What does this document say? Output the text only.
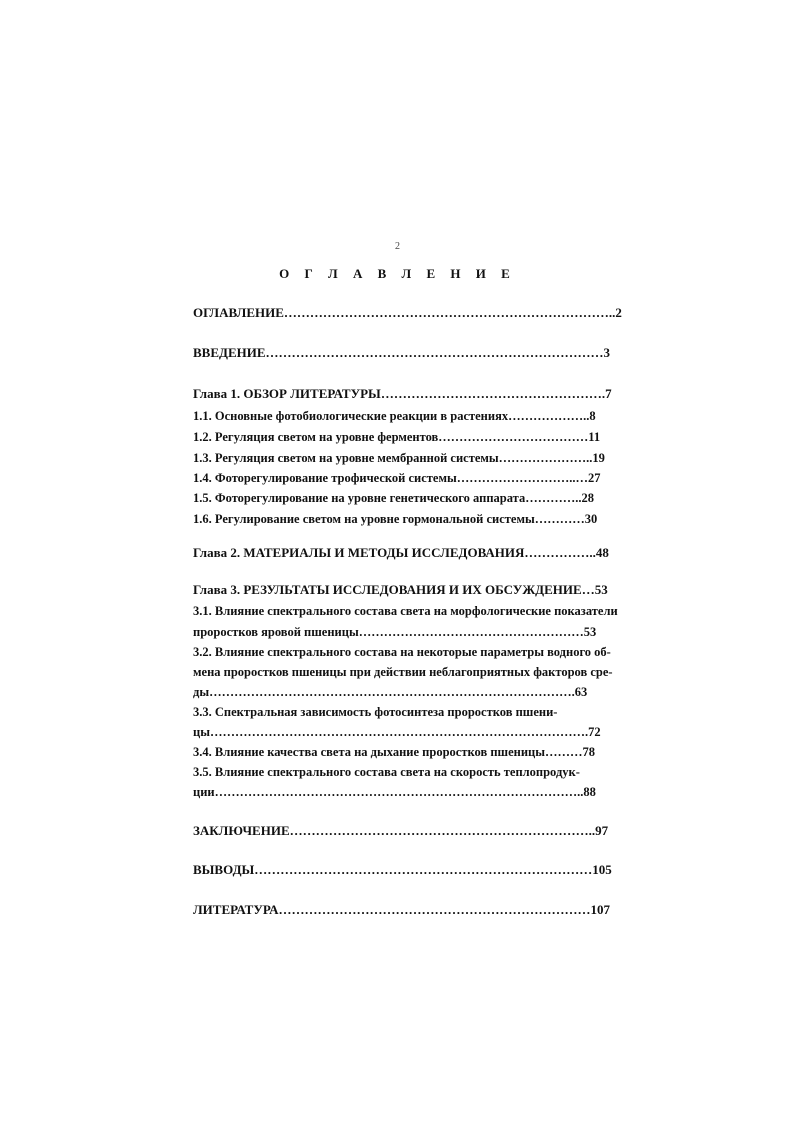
2
О Г Л А В Л Е Н И Е
ОГЛАВЛЕНИЕ…………………………………………………………………..2
ВВЕДЕНИЕ……………………………………………………………………3
Глава 1. ОБЗОР ЛИТЕРАТУРЫ…………………………………………….7
1.1. Основные фотобиологические реакции в растениях………………..8
1.2. Регуляция светом на уровне ферментов………………………………11
1.3. Регуляция светом на уровне мембранной системы…………………..19
1.4. Фоторегулирование трофической системы………………………..…27
1.5. Фоторегулирование на уровне генетического аппарата…………..28
1.6. Регулирование светом на уровне гормональной системы…………30
Глава 2. МАТЕРИАЛЫ И МЕТОДЫ ИССЛЕДОВАНИЯ……………..48
Глава 3. РЕЗУЛЬТАТЫ ИССЛЕДОВАНИЯ И ИХ ОБСУЖДЕНИЕ…53
3.1. Влияние спектрального состава света на морфологические показатели
проростков яровой пшеницы………………………………………………53
3.2. Влияние спектрального состава на некоторые параметры водного об-
мена проростков пшеницы при действии неблагоприятных факторов сре-
ды…………………………………………………………………………….63
3.3. Спектральная зависимость фотосинтеза проростков пшени-
цы……………………………………………………………………………….72
3.4. Влияние качества света на дыхание проростков пшеницы………78
3.5. Влияние спектрального состава света на скорость теплопродук-
ции……………………………………………………………………………..88
ЗАКЛЮЧЕНИЕ……………………………………………………………..97
ВЫВОДЫ……………………………………………………………………105
ЛИТЕРАТУРА………………………………………………………………107
